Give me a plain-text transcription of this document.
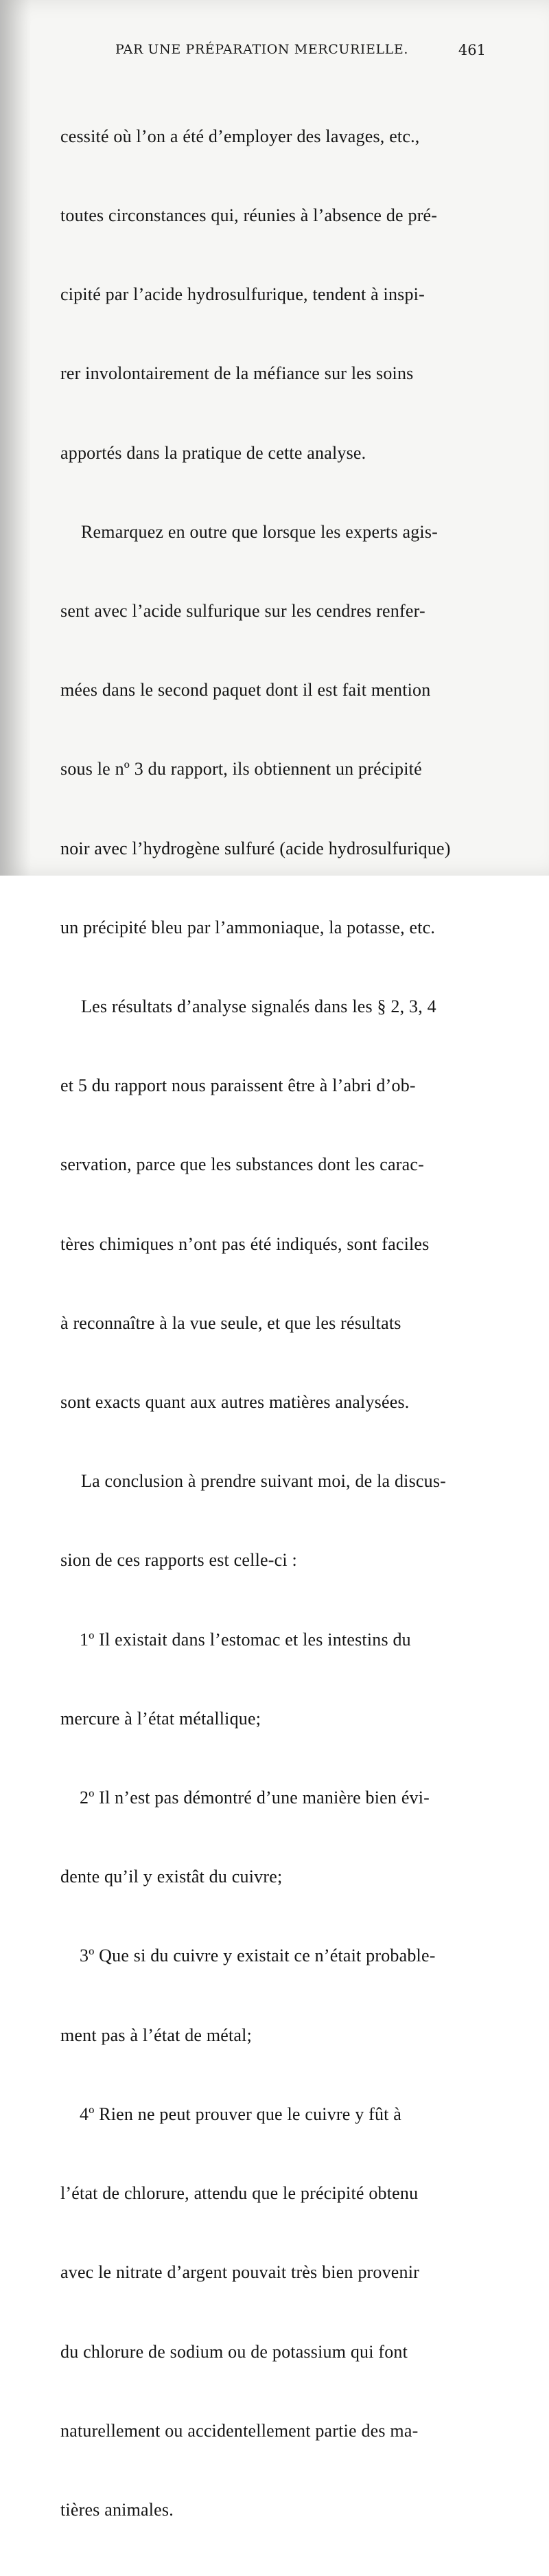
PAR UNE PRÉPARATION MERCURIELLE.	461

cessité où l’on a été d’employer des lavages, etc.,

toutes circonstances qui, réunies à l’absence de pré-

cipité par l’acide hydrosulfurique, tendent à inspi-

rer involontairement de la méfiance sur les soins

apportés dans la pratique de cette analyse.

Remarquez en outre que lorsque les experts agis-

sent avec l’acide sulfurique sur les cendres renfer-

mées dans le second paquet dont il est fait mention

sous le nº 3 du rapport, ils obtiennent un précipité

noir avec l’hydrogène sulfuré (acide hydrosulfurique)

un précipité bleu par l’ammoniaque, la potasse, etc.

Les résultats d’analyse signalés dans les § 2, 3, 4

et 5 du rapport nous paraissent être à l’abri d’ob-

servation, parce que les substances dont les carac-

tères chimiques n’ont pas été indiqués, sont faciles

à reconnaître à la vue seule, et que les résultats

sont exacts quant aux autres matières analysées.

La conclusion à prendre suivant moi, de la discus-

sion de ces rapports est celle-ci :

1º Il existait dans l’estomac et les intestins du

mercure à l’état métallique;

2º Il n’est pas démontré d’une manière bien évi-

dente qu’il y existât du cuivre;

3º Que si du cuivre y existait ce n’était probable-

ment pas à l’état de métal;

4º Rien ne peut prouver que le cuivre y fût à

l’état de chlorure, attendu que le précipité obtenu

avec le nitrate d’argent pouvait très bien provenir

du chlorure de sodium ou de potassium qui font

naturellement ou accidentellement partie des ma-

tières animales.
